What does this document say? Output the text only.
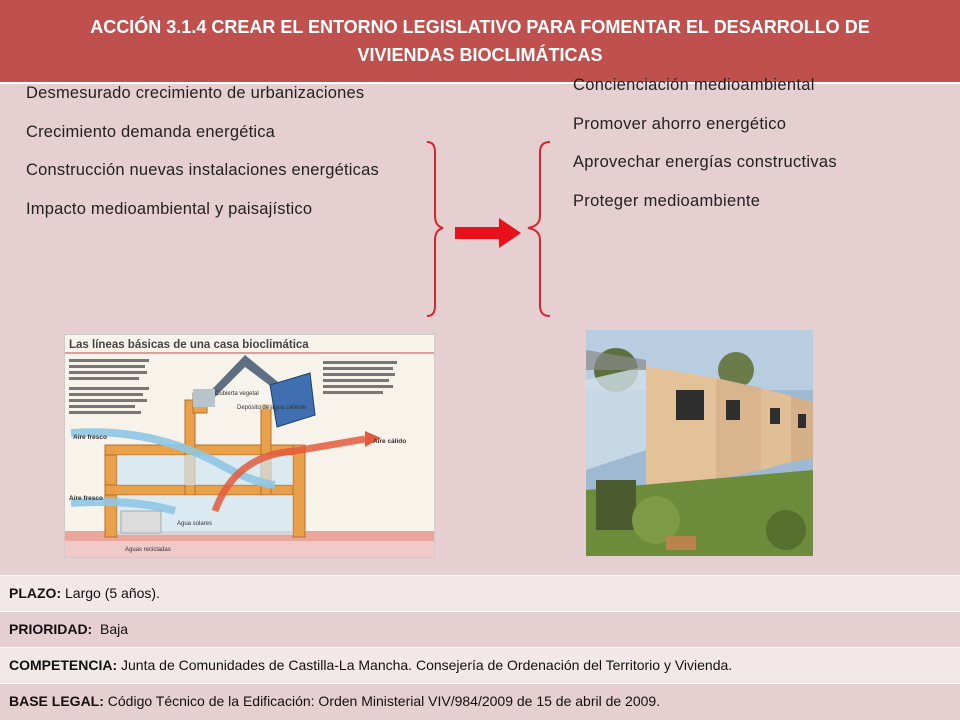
ACCIÓN 3.1.4 CREAR EL ENTORNO LEGISLATIVO PARA FOMENTAR EL DESARROLLO DE VIVIENDAS BIOCLIMÁTICAS
Desmesurado crecimiento de urbanizaciones
Crecimiento demanda energética
Construcción nuevas instalaciones energéticas
Impacto medioambiental y paisajístico
Concienciación medioambiental
Promover ahorro energético
Aprovechar energías constructivas
Proteger medioambiente
Las líneas básicas de una casa bioclimática
Aire fresco
Aire fresco
Aire cálido
Cubierta vegetal
Depósito de agua caliente
Agua solares
Aguas recicladas
PLAZO: Largo (5 años).
PRIORIDAD:  Baja
COMPETENCIA: Junta de Comunidades de Castilla-La Mancha. Consejería de Ordenación del Territorio y Vivienda.
BASE LEGAL: Código Técnico de la Edificación: Orden Ministerial VIV/984/2009 de 15 de abril de 2009.
